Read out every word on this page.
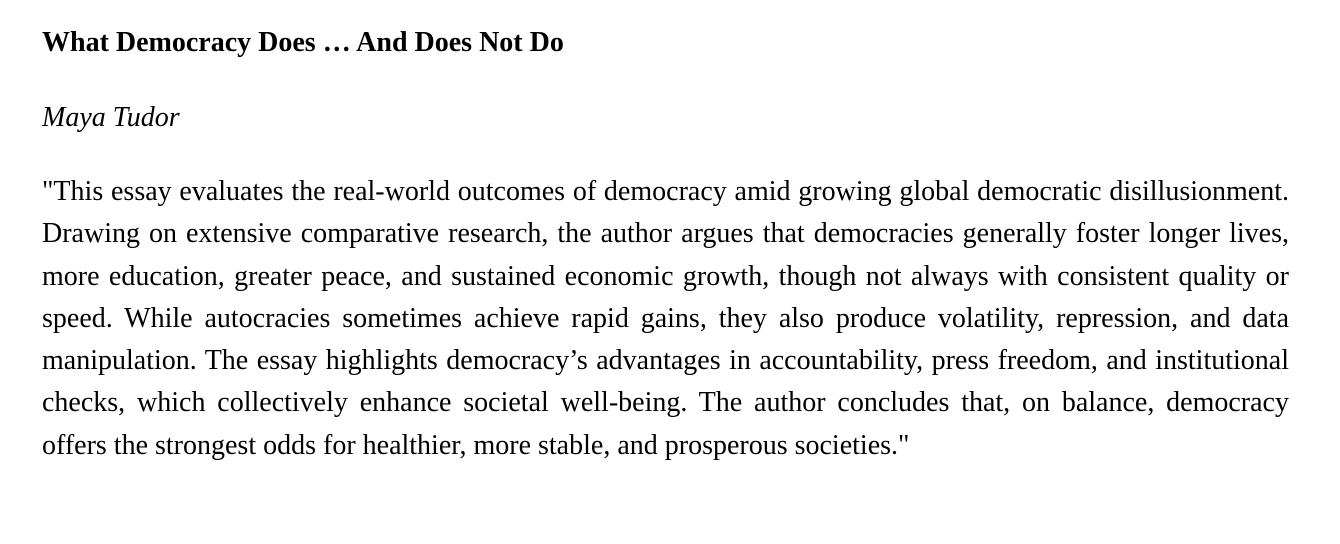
What Democracy Does … And Does Not Do

Maya Tudor

"This essay evaluates the real-world outcomes of democracy amid growing global democratic disillusionment. Drawing on extensive comparative research, the author argues that democracies generally foster longer lives, more education, greater peace, and sustained economic growth, though not always with consistent quality or speed. While autocracies sometimes achieve rapid gains, they also produce volatility, repression, and data manipulation. The essay highlights democracy’s advantages in accountability, press freedom, and institutional checks, which collectively enhance societal well-being. The author concludes that, on balance, democracy offers the strongest odds for healthier, more stable, and prosperous societies."
